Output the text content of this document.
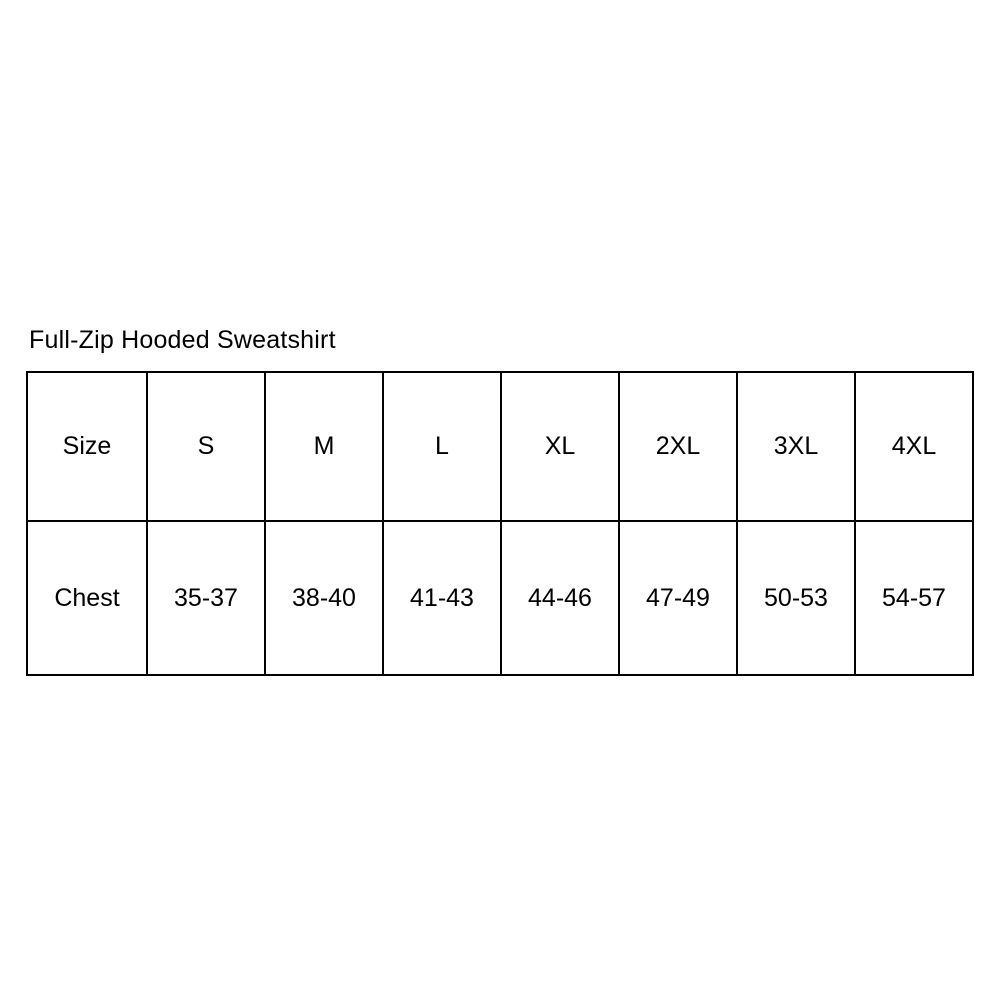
Full-Zip Hooded Sweatshirt
Size	S	M	L	XL	2XL	3XL	4XL
Chest	35-37	38-40	41-43	44-46	47-49	50-53	54-57
